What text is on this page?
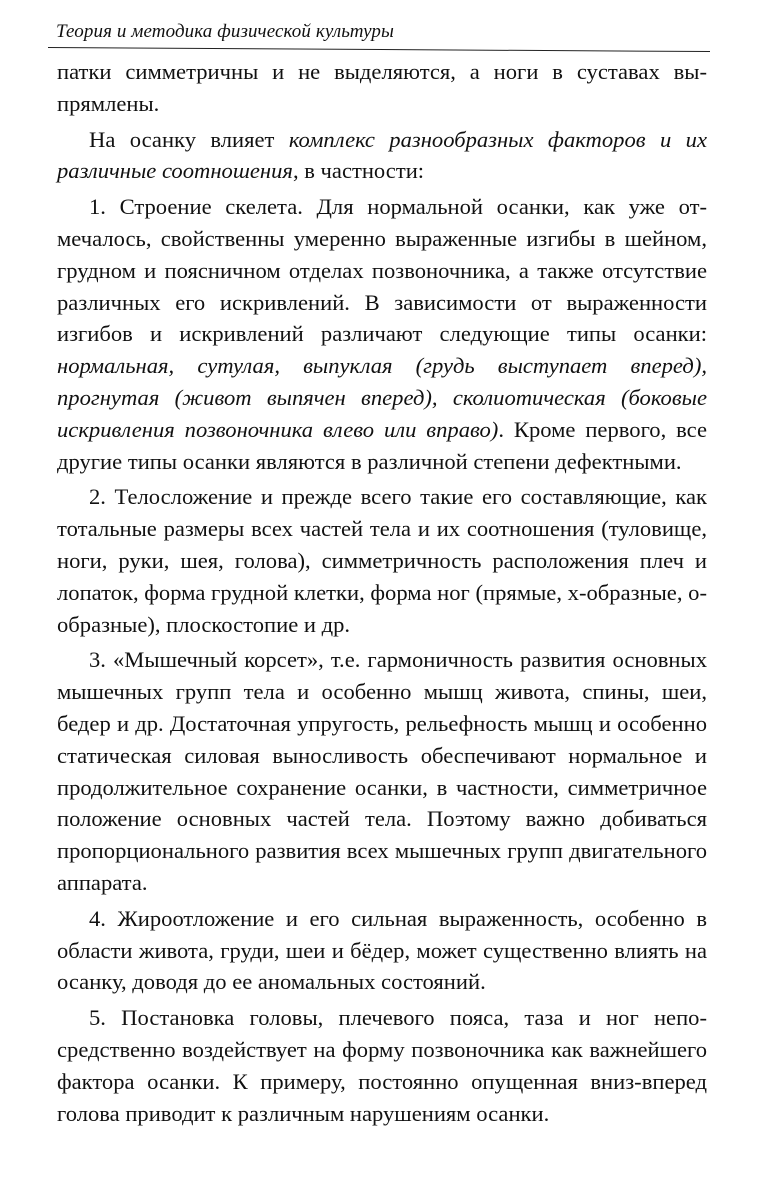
Теория и методика физической культуры

патки симметричны и не выделяются, а ноги в суставах выпрямлены.

На осанку влияет комплекс разнообразных факторов и их различные соотношения, в частности:

1. Строение скелета. Для нормальной осанки, как уже отмечалось, свойственны умеренно выраженные изгибы в шейном, грудном и поясничном отделах позвоночника, а также отсутствие различных его искривлений. В зависимости от выраженности изгибов и искривлений различают следующие типы осанки: нормальная, сутулая, выпуклая (грудь выступает вперед), прогнутая (живот выпячен вперед), сколиотическая (боковые искривления позвоночника влево или вправо). Кроме первого, все другие типы осанки являются в различной степени дефектными.

2. Телосложение и прежде всего такие его составляющие, как тотальные размеры всех частей тела и их соотношения (туловище, ноги, руки, шея, голова), симметричность расположения плеч и лопаток, форма грудной клетки, форма ног (прямые, х-образные, о-образные), плоскостопие и др.

3. «Мышечный корсет», т.е. гармоничность развития основных мышечных групп тела и особенно мышц живота, спины, шеи, бедер и др. Достаточная упругость, рельефность мышц и особенно статическая силовая выносливость обеспечивают нормальное и продолжительное сохранение осанки, в частности, симметричное положение основных частей тела. Поэтому важно добиваться пропорционального развития всех мышечных групп двигательного аппарата.

4. Жироотложение и его сильная выраженность, особенно в области живота, груди, шеи и бёдер, может существенно влиять на осанку, доводя до ее аномальных состояний.

5. Постановка головы, плечевого пояса, таза и ног непосредственно воздействует на форму позвоночника как важнейшего фактора осанки. К примеру, постоянно опущенная вниз-вперед голова приводит к различным нарушениям осанки.
